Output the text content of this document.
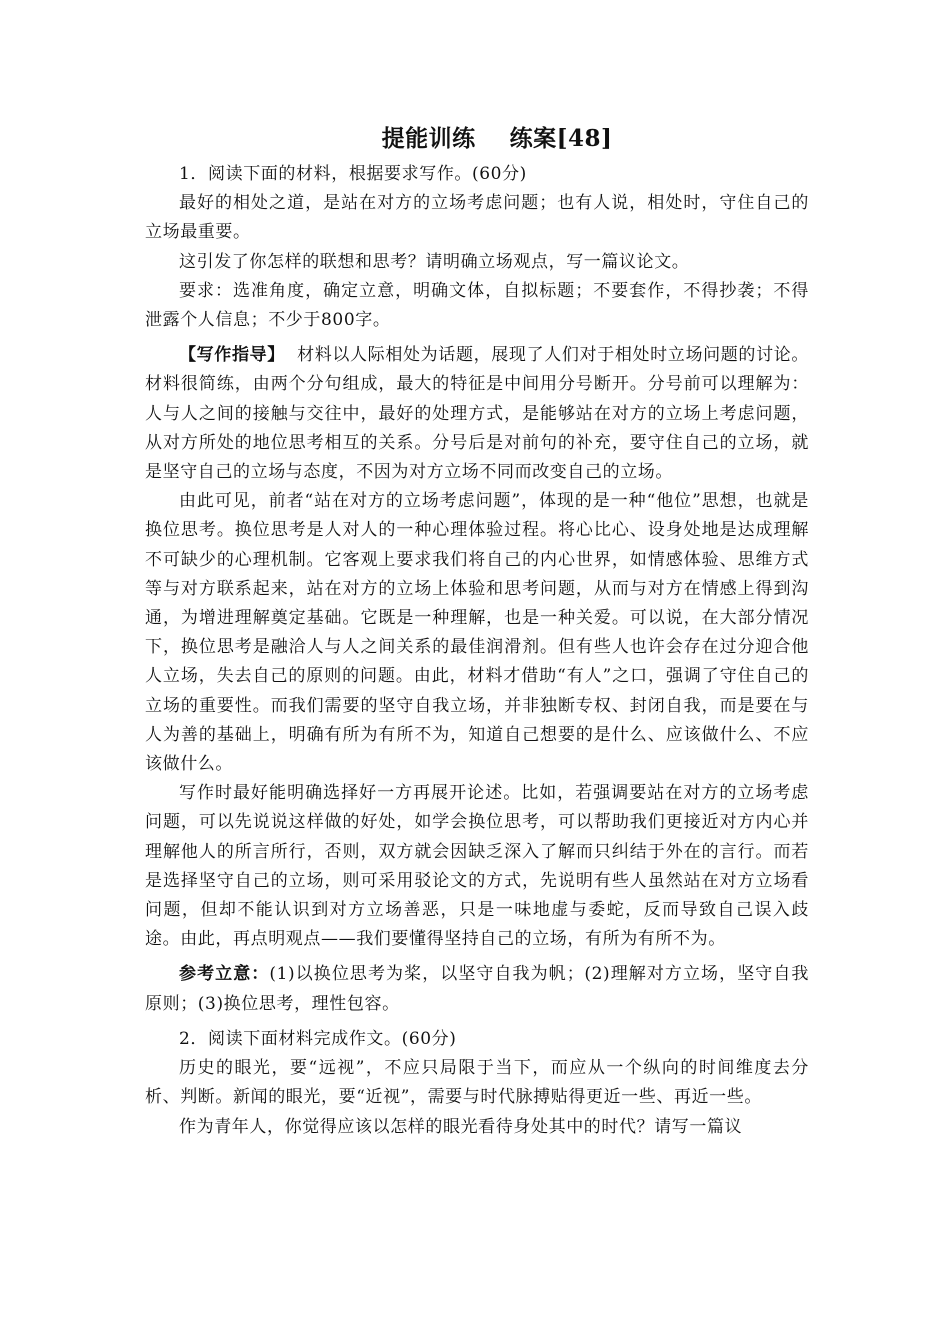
提能训练 练案[48]

1．阅读下面的材料，根据要求写作。(60分)

最好的相处之道，是站在对方的立场考虑问题；也有人说，相处时，守住自己的立场最重要。

这引发了你怎样的联想和思考？请明确立场观点，写一篇议论文。

要求：选准角度，确定立意，明确文体，自拟标题；不要套作，不得抄袭；不得泄露个人信息；不少于800字。

【写作指导】 材料以人际相处为话题，展现了人们对于相处时立场问题的讨论。材料很简练，由两个分句组成，最大的特征是中间用分号断开。分号前可以理解为：人与人之间的接触与交往中，最好的处理方式，是能够站在对方的立场上考虑问题，从对方所处的地位思考相互的关系。分号后是对前句的补充，要守住自己的立场，就是坚守自己的立场与态度，不因为对方立场不同而改变自己的立场。

由此可见，前者“站在对方的立场考虑问题”，体现的是一种“他位”思想，也就是换位思考。换位思考是人对人的一种心理体验过程。将心比心、设身处地是达成理解不可缺少的心理机制。它客观上要求我们将自己的内心世界，如情感体验、思维方式等与对方联系起来，站在对方的立场上体验和思考问题，从而与对方在情感上得到沟通，为增进理解奠定基础。它既是一种理解，也是一种关爱。可以说，在大部分情况下，换位思考是融洽人与人之间关系的最佳润滑剂。但有些人也许会存在过分迎合他人立场，失去自己的原则的问题。由此，材料才借助“有人”之口，强调了守住自己的立场的重要性。而我们需要的坚守自我立场，并非独断专权、封闭自我，而是要在与人为善的基础上，明确有所为有所不为，知道自己想要的是什么、应该做什么、不应该做什么。

写作时最好能明确选择好一方再展开论述。比如，若强调要站在对方的立场考虑问题，可以先说说这样做的好处，如学会换位思考，可以帮助我们更接近对方内心并理解他人的所言所行，否则，双方就会因缺乏深入了解而只纠结于外在的言行。而若是选择坚守自己的立场，则可采用驳论文的方式，先说明有些人虽然站在对方立场看问题，但却不能认识到对方立场善恶，只是一味地虚与委蛇，反而导致自己误入歧途。由此，再点明观点——我们要懂得坚持自己的立场，有所为有所不为。

参考立意：(1)以换位思考为桨，以坚守自我为帆；(2)理解对方立场，坚守自我原则；(3)换位思考，理性包容。

2．阅读下面材料完成作文。(60分)

历史的眼光，要“远视”，不应只局限于当下，而应从一个纵向的时间维度去分析、判断。新闻的眼光，要“近视”，需要与时代脉搏贴得更近一些、再近一些。

作为青年人，你觉得应该以怎样的眼光看待身处其中的时代？请写一篇议
